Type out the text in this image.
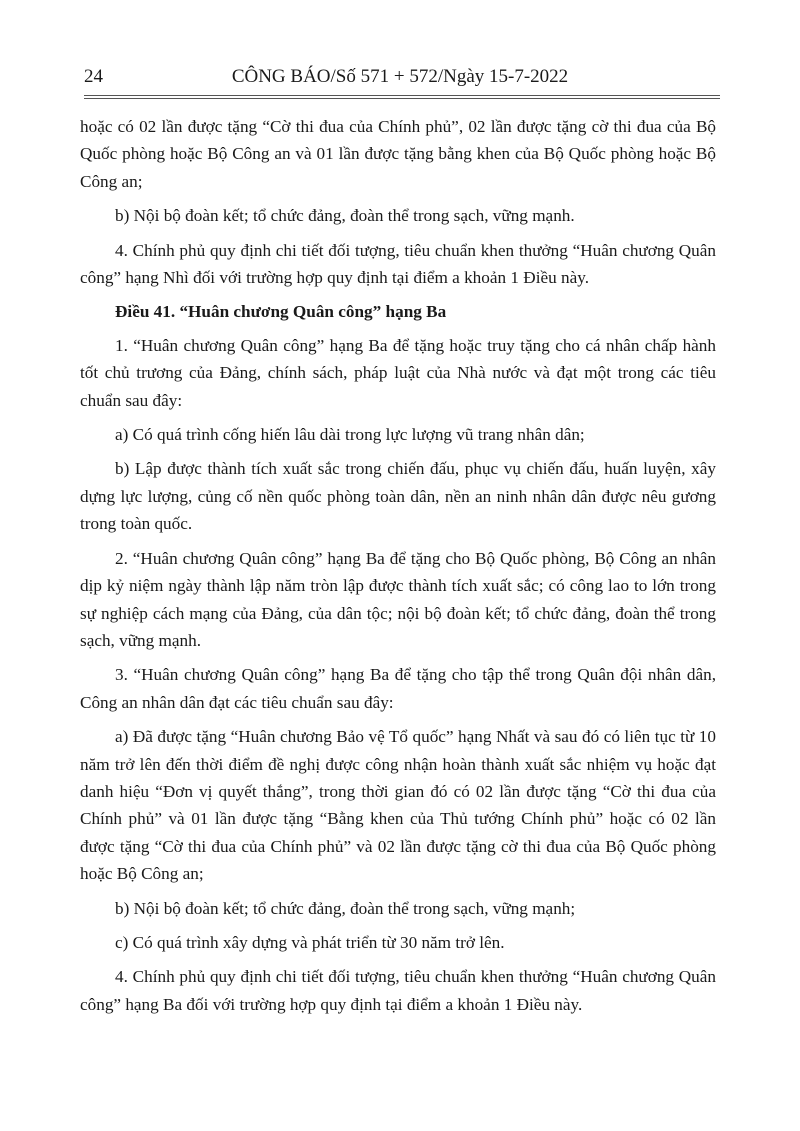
24	CÔNG BÁO/Số 571 + 572/Ngày 15-7-2022

hoặc có 02 lần được tặng “Cờ thi đua của Chính phủ”, 02 lần được tặng cờ thi đua của Bộ Quốc phòng hoặc Bộ Công an và 01 lần được tặng bằng khen của Bộ Quốc phòng hoặc Bộ Công an;

b) Nội bộ đoàn kết; tổ chức đảng, đoàn thể trong sạch, vững mạnh.

4. Chính phủ quy định chi tiết đối tượng, tiêu chuẩn khen thưởng “Huân chương Quân công” hạng Nhì đối với trường hợp quy định tại điểm a khoản 1 Điều này.

Điều 41. “Huân chương Quân công” hạng Ba

1. “Huân chương Quân công” hạng Ba để tặng hoặc truy tặng cho cá nhân chấp hành tốt chủ trương của Đảng, chính sách, pháp luật của Nhà nước và đạt một trong các tiêu chuẩn sau đây:

a) Có quá trình cống hiến lâu dài trong lực lượng vũ trang nhân dân;

b) Lập được thành tích xuất sắc trong chiến đấu, phục vụ chiến đấu, huấn luyện, xây dựng lực lượng, củng cố nền quốc phòng toàn dân, nền an ninh nhân dân được nêu gương trong toàn quốc.

2. “Huân chương Quân công” hạng Ba để tặng cho Bộ Quốc phòng, Bộ Công an nhân dịp kỷ niệm ngày thành lập năm tròn lập được thành tích xuất sắc; có công lao to lớn trong sự nghiệp cách mạng của Đảng, của dân tộc; nội bộ đoàn kết; tổ chức đảng, đoàn thể trong sạch, vững mạnh.

3. “Huân chương Quân công” hạng Ba để tặng cho tập thể trong Quân đội nhân dân, Công an nhân dân đạt các tiêu chuẩn sau đây:

a) Đã được tặng “Huân chương Bảo vệ Tổ quốc” hạng Nhất và sau đó có liên tục từ 10 năm trở lên đến thời điểm đề nghị được công nhận hoàn thành xuất sắc nhiệm vụ hoặc đạt danh hiệu “Đơn vị quyết thắng”, trong thời gian đó có 02 lần được tặng “Cờ thi đua của Chính phủ” và 01 lần được tặng “Bằng khen của Thủ tướng Chính phủ” hoặc có 02 lần được tặng “Cờ thi đua của Chính phủ” và 02 lần được tặng cờ thi đua của Bộ Quốc phòng hoặc Bộ Công an;

b) Nội bộ đoàn kết; tổ chức đảng, đoàn thể trong sạch, vững mạnh;

c) Có quá trình xây dựng và phát triển từ 30 năm trở lên.

4. Chính phủ quy định chi tiết đối tượng, tiêu chuẩn khen thưởng “Huân chương Quân công” hạng Ba đối với trường hợp quy định tại điểm a khoản 1 Điều này.
